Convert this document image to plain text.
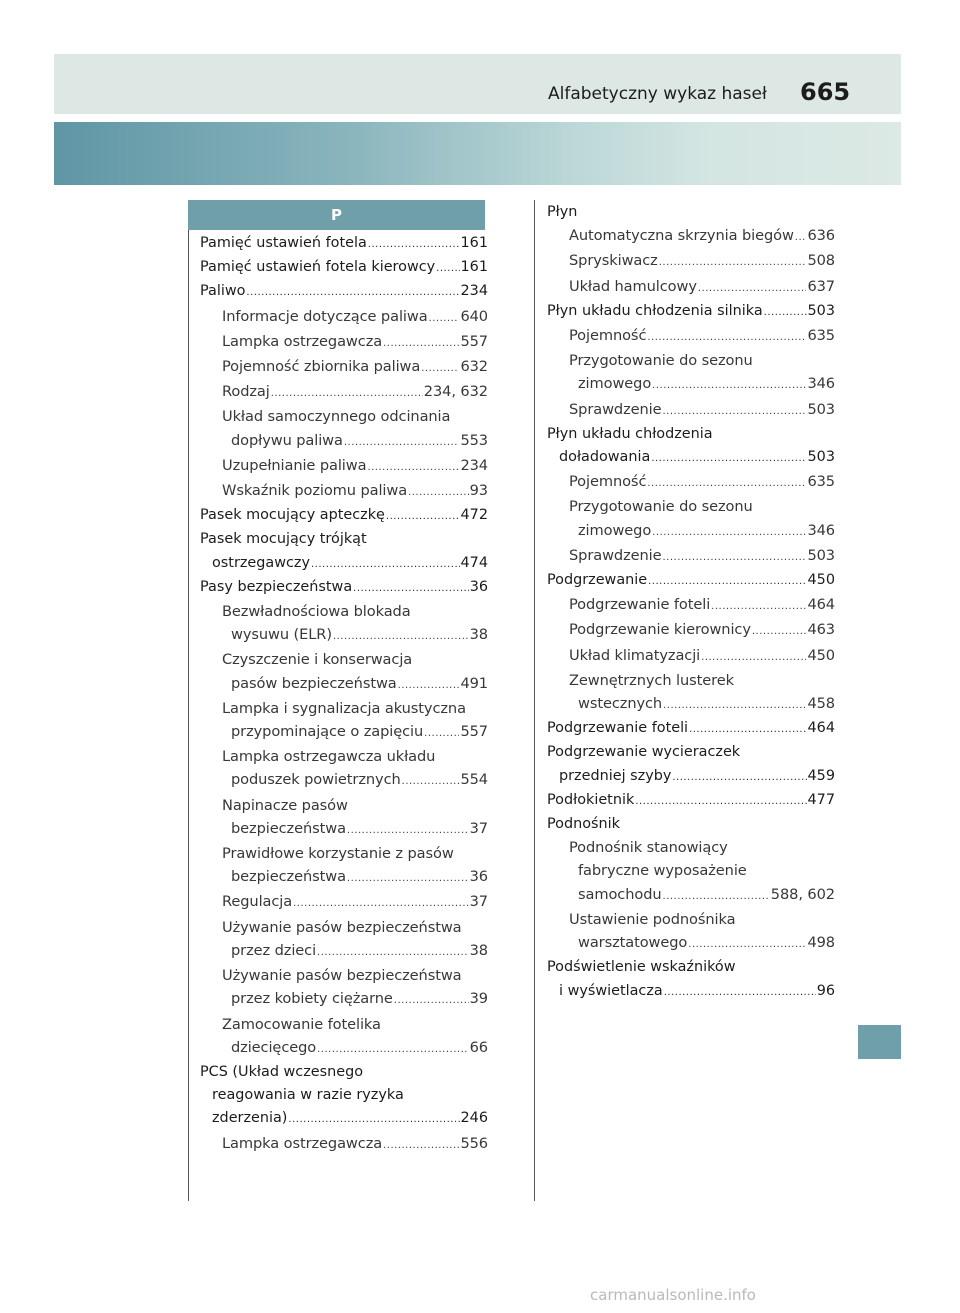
Alfabetyczny wykaz haseł 665
P
Pamięć ustawień fotela .....	161
Pamięć ustawień fotela kierowcy ..... 161
Paliwo .....	234
Informacje dotyczące paliwa ..... 640
Lampka ostrzegawcza .....	557
Pojemność zbiornika paliwa .....	632
Rodzaj .....	234, 632
Układ samoczynnego odcinania
dopływu paliwa .....	553
Uzupełnianie paliwa .....	234
Wskaźnik poziomu paliwa .....	93
Pasek mocujący apteczkę .....	472
Pasek mocujący trójkąt
ostrzegawczy .....	474
Pasy bezpieczeństwa .....	36
Bezwładnościowa blokada
wysuwu (ELR) .....	38
Czyszczenie i konserwacja
pasów bezpieczeństwa .....	491
Lampka i sygnalizacja akustyczna
przypominające o zapięciu .....	557
Lampka ostrzegawcza układu
poduszek powietrznych .....	554
Napinacze pasów
bezpieczeństwa .....	37
Prawidłowe korzystanie z pasów
bezpieczeństwa .....	36
Regulacja .....	37
Używanie pasów bezpieczeństwa
przez dzieci .....	38
Używanie pasów bezpieczeństwa
przez kobiety ciężarne .....	39
Zamocowanie fotelika
dziecięcego .....	66
PCS (Układ wczesnego
reagowania w razie ryzyka
zderzenia) .....	246
Lampka ostrzegawcza .....	556
Płyn
Automatyczna skrzynia biegów ..... 636
Spryskiwacz .....	508
Układ hamulcowy .....	637
Płyn układu chłodzenia silnika .....	503
Pojemność .....	635
Przygotowanie do sezonu
zimowego .....	346
Sprawdzenie .....	503
Płyn układu chłodzenia
doładowania .....	503
Pojemność .....	635
Przygotowanie do sezonu
zimowego .....	346
Sprawdzenie .....	503
Podgrzewanie .....	450
Podgrzewanie foteli .....	464
Podgrzewanie kierownicy .....	463
Układ klimatyzacji .....	450
Zewnętrznych lusterek
wstecznych .....	458
Podgrzewanie foteli .....	464
Podgrzewanie wycieraczek
przedniej szyby .....	459
Podłokietnik .....	477
Podnośnik
Podnośnik stanowiący
fabryczne wyposażenie
samochodu .....	588, 602
Ustawienie podnośnika
warsztatowego .....	498
Podświetlenie wskaźników
i wyświetlacza .....	96
carmanualsonline.info
